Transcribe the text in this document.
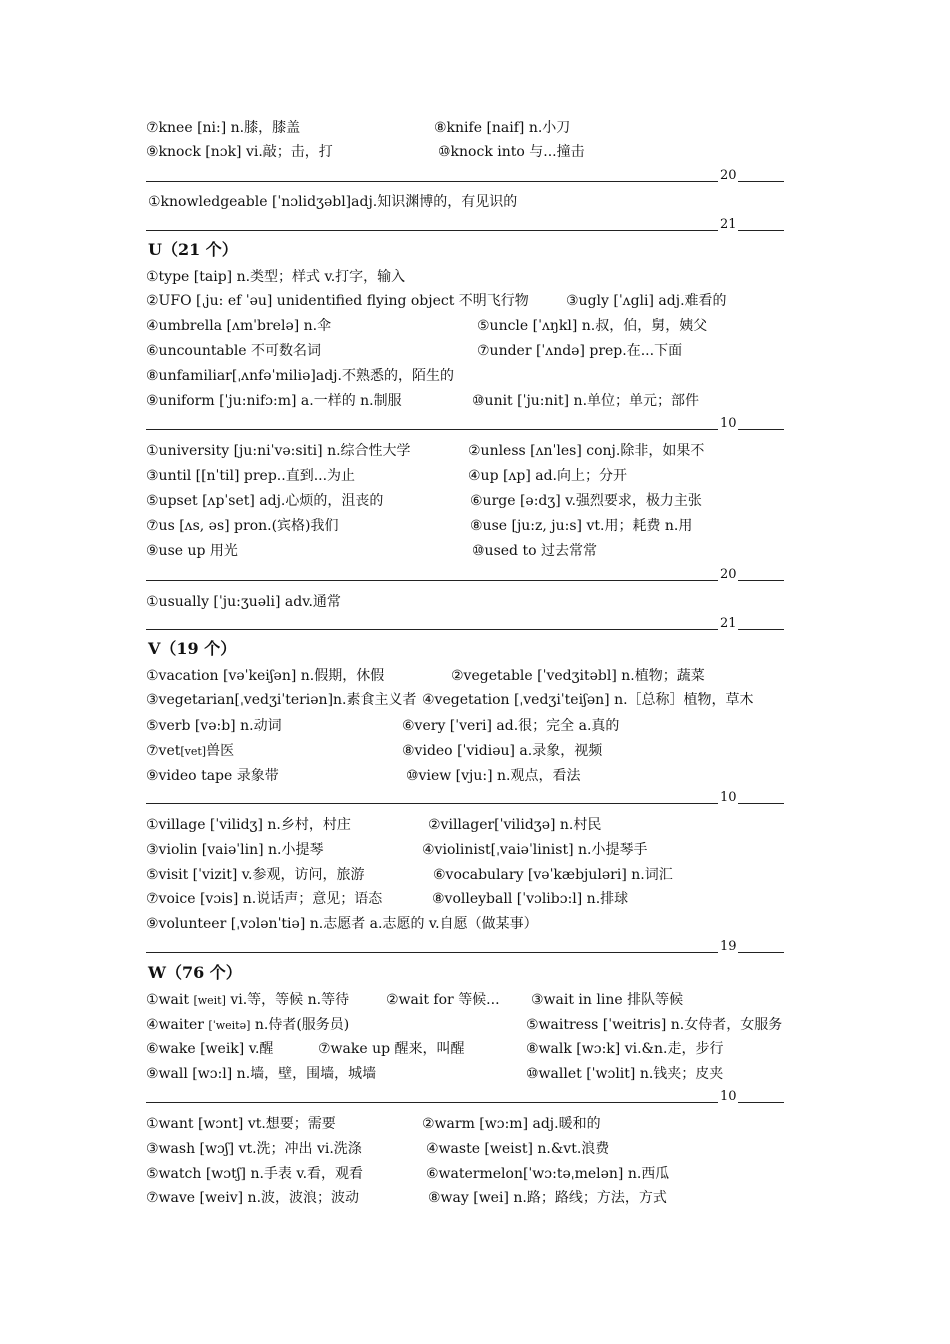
⑦knee [ni:] n.膝，膝盖	⑧knife [naif] n.小刀
⑨knock [nɔk] vi.敲；击，打	⑩knock into 与...撞击
20
①knowledgeable [ˈnɔlidʒəbl]adj.知识渊博的，有见识的
21
U（21 个）
①type [taip] n.类型；样式 v.打字，输入
②UFO [ˌju: ef ˈəu] unidentified flying object 不明飞行物	③ugly [ˈʌgli] adj.难看的
④umbrella [ʌmˈbrelə] n.伞	⑤uncle [ˈʌŋkl] n.叔，伯，舅，姨父
⑥uncountable 不可数名词	⑦under [ˈʌndə] prep.在...下面
⑧unfamiliar[ˌʌnfəˈmiliə]adj.不熟悉的，陌生的
⑨uniform [ˈju:nifɔ:m] a.一样的 n.制服	⑩unit [ˈju:nit] n.单位；单元；部件
10
①university [ju:niˈvə:siti] n.综合性大学	②unless [ʌnˈles] conj.除非，如果不
③until [[nˈtil] prep..直到...为止	④up [ʌp] ad.向上；分开
⑤upset [ʌpˈset] adj.心烦的，沮丧的	⑥urge [ə:dʒ] v.强烈要求，极力主张
⑦us [ʌs, əs] pron.(宾格)我们	⑧use [ju:z, ju:s] vt.用；耗费 n.用
⑨use up 用光	⑩used to 过去常常
20
①usually [ˈju:ʒuəli] adv.通常
21
V（19 个）
①vacation [vəˈkeiʃən] n.假期，休假	②vegetable [ˈvedʒitəbl] n.植物；蔬菜
③vegetarian[ˌvedʒiˈteriən]n.素食主义者 ④vegetation [ˌvedʒiˈteiʃən] n.［总称］植物，草木
⑤verb [və:b] n.动词	⑥very [ˈveri] ad.很；完全 a.真的
⑦vet[vet]兽医	⑧video [ˈvidiəu] a.录象，视频
⑨video tape 录象带	⑩view [vju:] n.观点，看法
10
①village [ˈvilidʒ] n.乡村，村庄	②villager[ˈvilidʒə] n.村民
③violin [vaiəˈlin] n.小提琴	④violinist[ˌvaiəˈlinist] n.小提琴手
⑤visit [ˈvizit] v.参观，访问，旅游	⑥vocabulary [vəˈkæbjuləri] n.词汇
⑦voice [vɔis] n.说话声；意见；语态	⑧volleyball [ˈvɔlibɔ:l] n.排球
⑨volunteer [ˌvɔlənˈtiə] n.志愿者 a.志愿的 v.自愿（做某事）
19
W（76 个）
①wait [weit] vi.等，等候 n.等待	②wait for 等候... ③wait in line 排队等候
④waiter [ˈweitə] n.侍者(服务员)	⑤waitress [ˈweitris] n.女侍者，女服务
⑥wake [weik] v.醒	⑦wake up 醒来，叫醒	⑧walk [wɔ:k] vi.&n.走，步行
⑨wall [wɔ:l] n.墙，壁，围墙，城墙	⑩wallet [ˈwɔlit] n.钱夹；皮夹
10
①want [wɔnt] vt.想要；需要	②warm [wɔ:m] adj.暖和的
③wash [wɔʃ] vt.洗；冲出 vi.洗涤	④waste [weist] n.&vt.浪费
⑤watch [wɔtʃ] n.手表 v.看，观看	⑥watermelon[ˈwɔ:təˌmelən] n.西瓜
⑦wave [weiv] n.波，波浪；波动	⑧way [wei] n.路；路线；方法，方式
